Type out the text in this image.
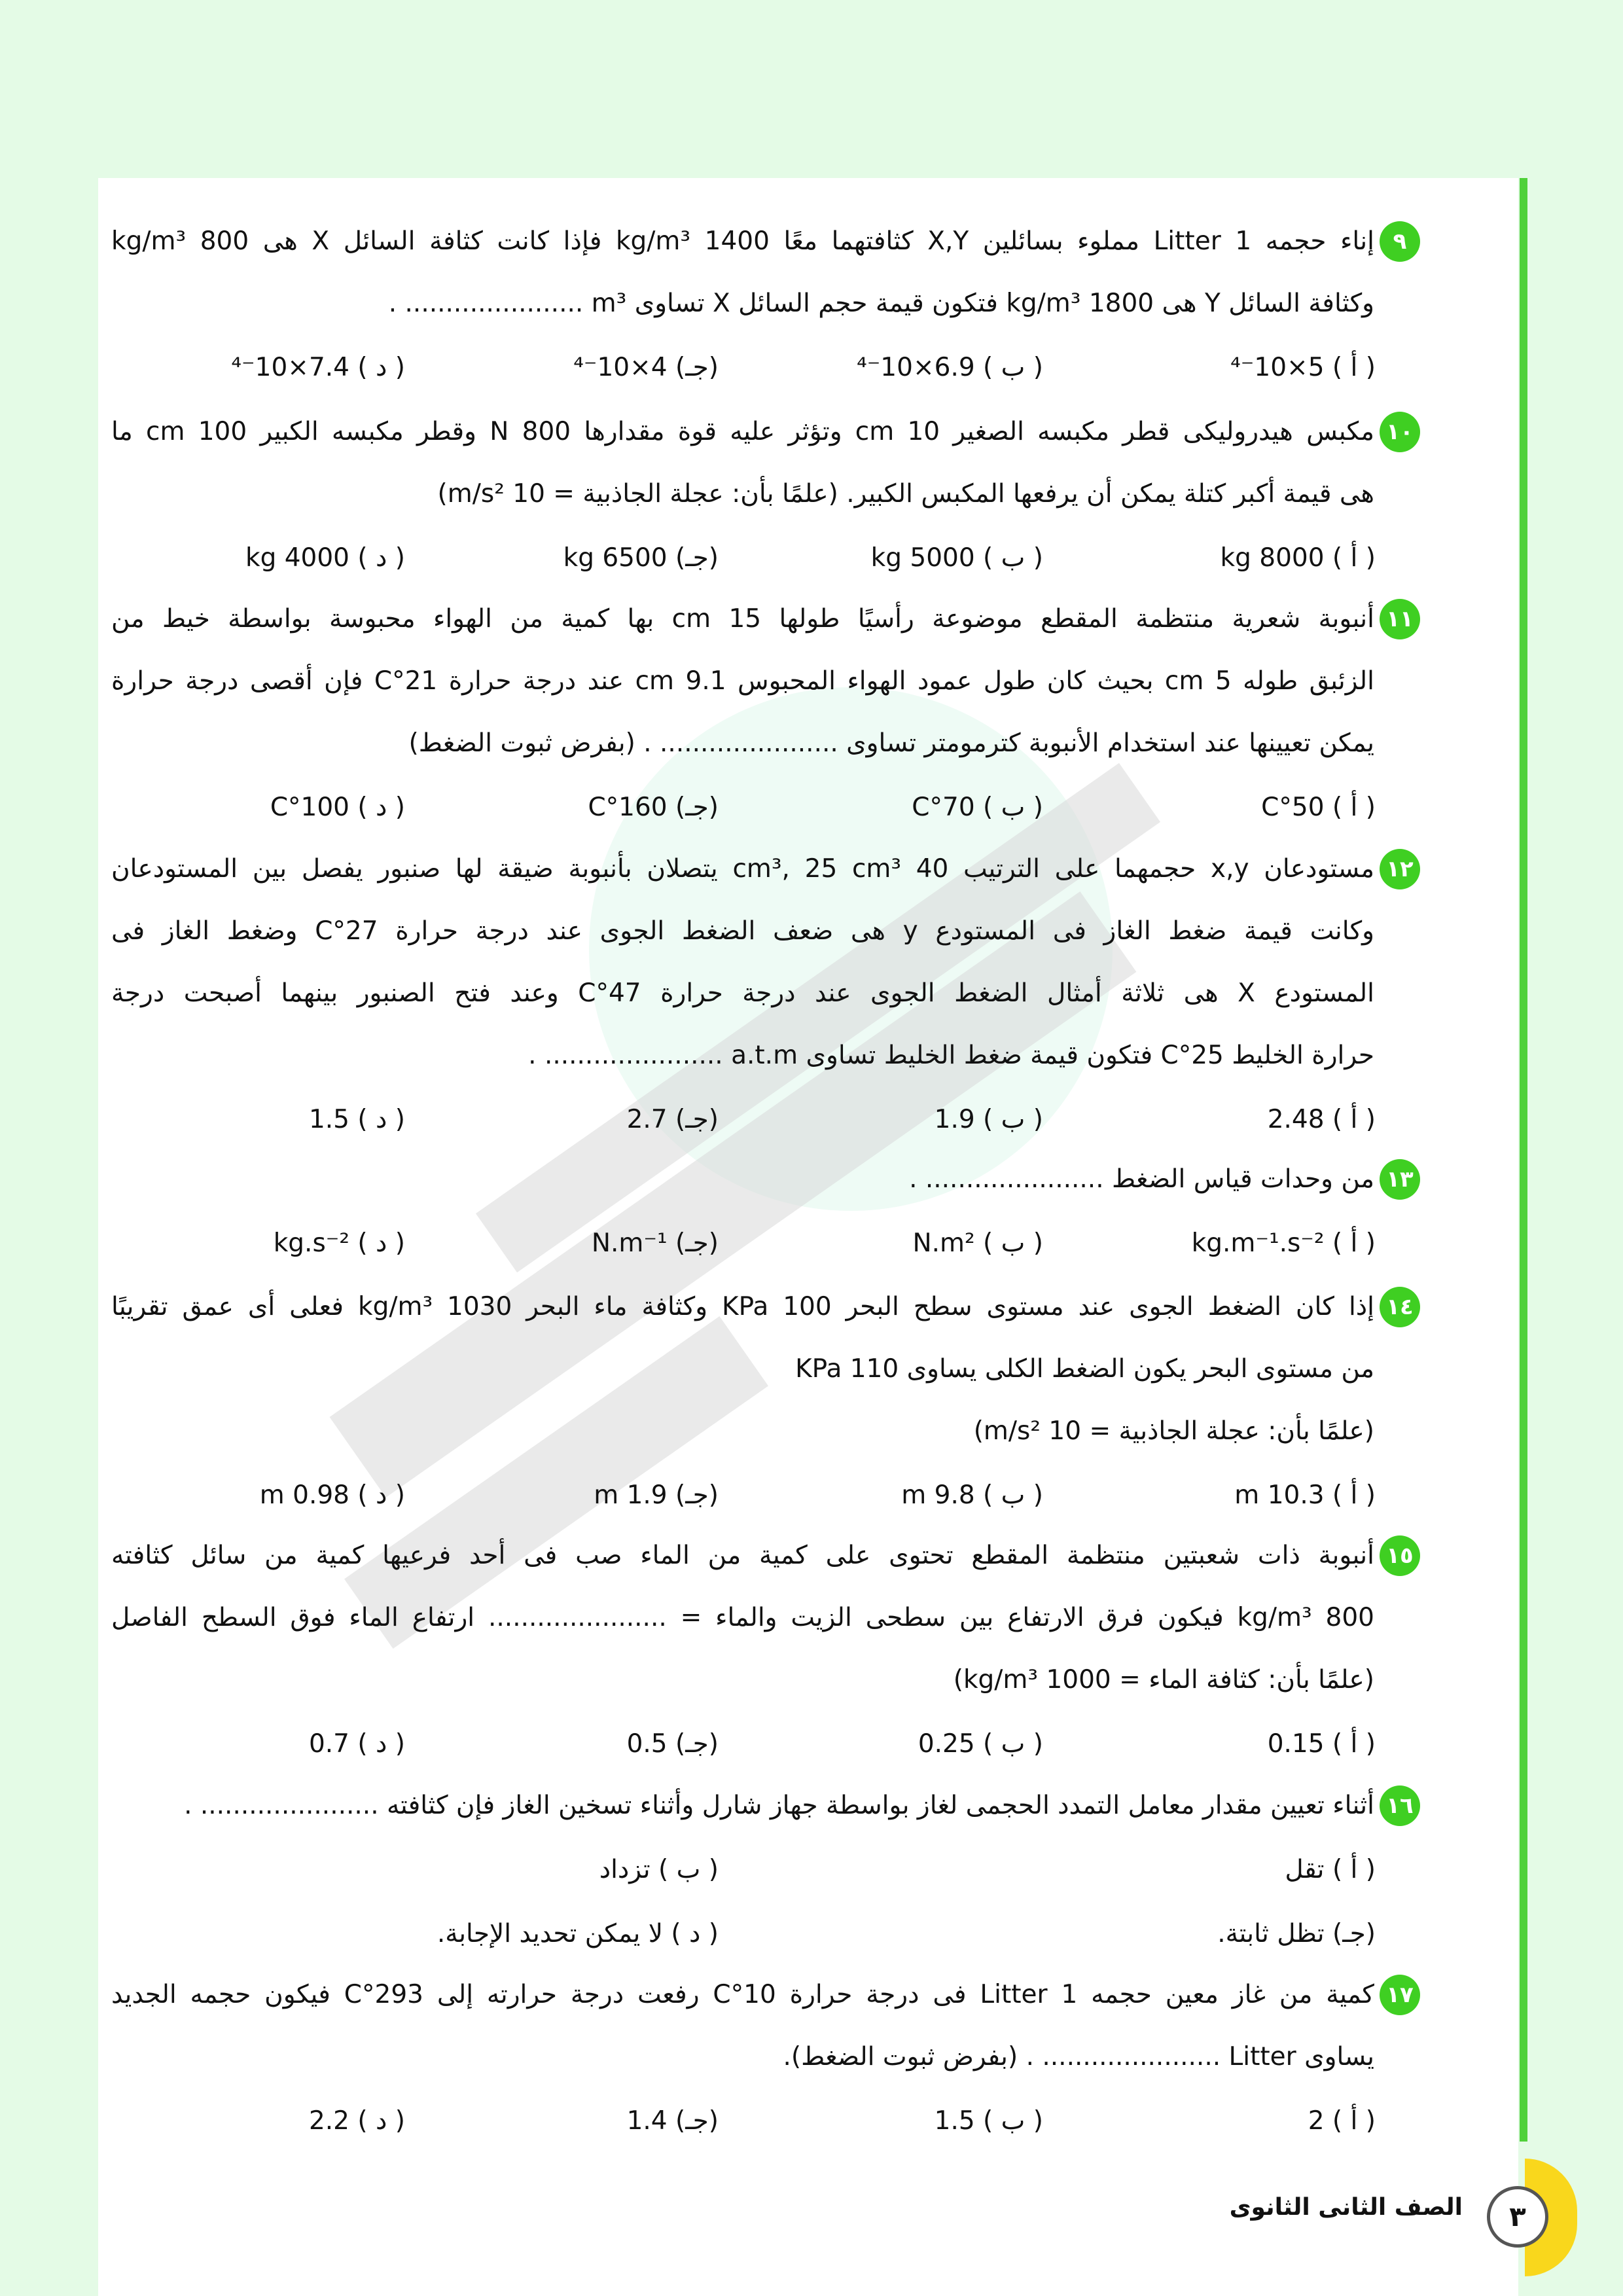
٩
إناء حجمه 1 Litter مملوء بسائلين X,Y كثافتهما معًا 1400 kg/m³ فإذا كانت كثافة السائل X هى 800 kg/m³
وكثافة السائل Y هى 1800 kg/m³ فتكون قيمة حجم السائل X تساوى m³ ...................... .
( أ ) 5×10⁻⁴
( ب ) 6.9×10⁻⁴
(جـ) 4×10⁻⁴
( د ) 7.4×10⁻⁴
١٠
مكبس هيدروليكى قطر مكبسه الصغير 10 cm وتؤثر عليه قوة مقدارها 800 N وقطر مكبسه الكبير 100 cm ما
هى قيمة أكبر كتلة يمكن أن يرفعها المكبس الكبير. (علمًا بأن: عجلة الجاذبية = 10 m/s²)
( أ ) 8000 kg
( ب ) 5000 kg
(جـ) 6500 kg
( د ) 4000 kg
١١
أنبوبة شعرية منتظمة المقطع موضوعة رأسيًا طولها 15 cm بها كمية من الهواء محبوسة بواسطة خيط من
الزئبق طوله 5 cm بحيث كان طول عمود الهواء المحبوس 9.1 cm عند درجة حرارة 21°C فإن أقصى درجة حرارة
يمكن تعيينها عند استخدام الأنبوبة كترمومتر تساوى ...................... . (بفرض ثبوت الضغط)
( أ ) 50°C
( ب ) 70°C
(جـ) 160°C
( د ) 100°C
١٢
مستودعان x,y حجمهما على الترتيب 40 cm³, 25 cm³ يتصلان بأنبوبة ضيقة لها صنبور يفصل بين المستودعان
وكانت قيمة ضغط الغاز فى المستودع y هى ضعف الضغط الجوى عند درجة حرارة 27°C وضغط الغاز فى
المستودع X هى ثلاثة أمثال الضغط الجوى عند درجة حرارة 47°C وعند فتح الصنبور بينهما أصبحت درجة
حرارة الخليط 25°C فتكون قيمة ضغط الخليط تساوى a.t.m ...................... .
( أ ) 2.48
( ب ) 1.9
(جـ) 2.7
( د ) 1.5
١٣
من وحدات قياس الضغط ...................... .
( أ ) kg.m⁻¹.s⁻²
( ب ) N.m²
(جـ) N.m⁻¹
( د ) kg.s⁻²
١٤
إذا كان الضغط الجوى عند مستوى سطح البحر 100 KPa وكثافة ماء البحر 1030 kg/m³ فعلى أى عمق تقريبًا
من مستوى البحر يكون الضغط الكلى يساوى 110 KPa
(علمًا بأن: عجلة الجاذبية = 10 m/s²)
( أ ) 10.3 m
( ب ) 9.8 m
(جـ) 1.9 m
( د ) 0.98 m
١٥
أنبوبة ذات شعبتين منتظمة المقطع تحتوى على كمية من الماء صب فى أحد فرعيها كمية من سائل كثافته
800 kg/m³ فيكون فرق الارتفاع بين سطحى الزيت والماء = ...................... ارتفاع الماء فوق السطح الفاصل
(علمًا بأن: كثافة الماء = 1000 kg/m³)
( أ ) 0.15
( ب ) 0.25
(جـ) 0.5
( د ) 0.7
١٦
أثناء تعيين مقدار معامل التمدد الحجمى لغاز بواسطة جهاز شارل وأثناء تسخين الغاز فإن كثافته ...................... .
( أ ) تقل
( ب ) تزداد
(جـ) تظل ثابتة.
( د ) لا يمكن تحديد الإجابة.
١٧
كمية من غاز معين حجمه 1 Litter فى درجة حرارة 10°C رفعت درجة حرارته إلى 293°C فيكون حجمه الجديد
يساوى Litter ...................... . (بفرض ثبوت الضغط).
( أ ) 2
( ب ) 1.5
(جـ) 1.4
( د ) 2.2
٣
الصف الثانى الثانوى
